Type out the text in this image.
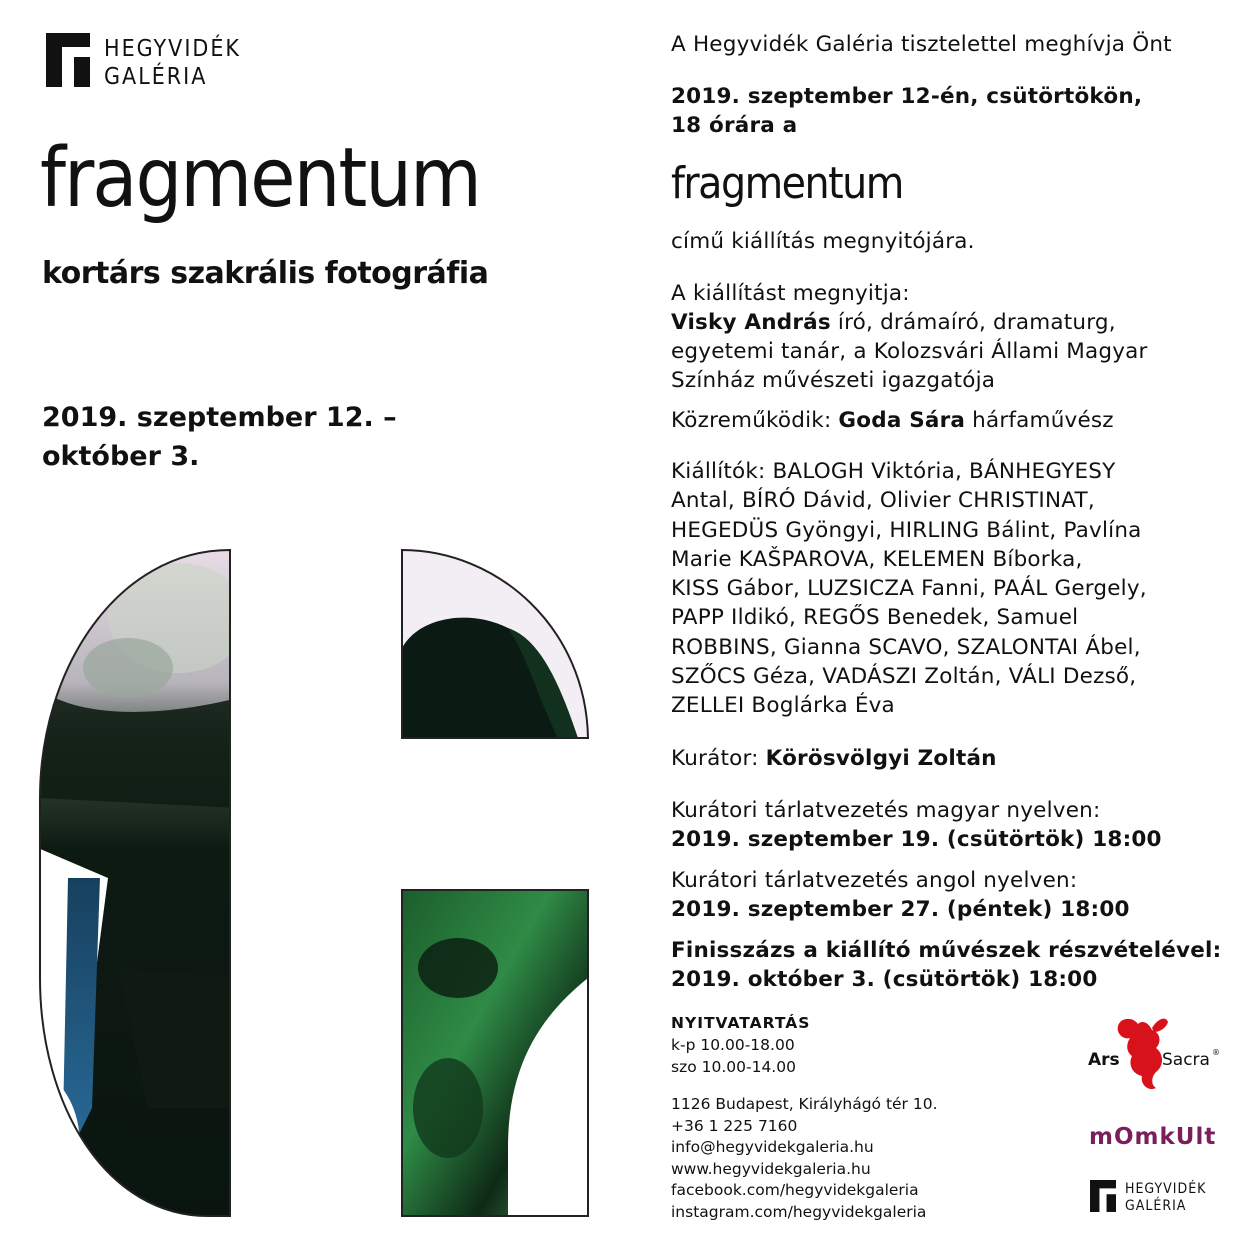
HEGYVIDÉK
GALÉRIA
fragmentum
kortárs szakrális fotográfia
2019. szeptember 12. –
október 3.
A Hegyvidék Galéria tisztelettel meghívja Önt
2019. szeptember 12-én, csütörtökön,
18 órára a
fragmentum
című kiállítás megnyitójára.
A kiállítást megnyitja:
Visky András író, drámaíró, dramaturg,
egyetemi tanár, a Kolozsvári Állami Magyar
Színház művészeti igazgatója
Közreműködik: Goda Sára hárfaművész
Kiállítók: BALOGH Viktória, BÁNHEGYESY
Antal, BÍRÓ Dávid, Olivier CHRISTINAT,
HEGEDÜS Gyöngyi, HIRLING Bálint, Pavlína
Marie KAŠPAROVA, KELEMEN Bíborka,
KISS Gábor, LUZSICZA Fanni, PAÁL Gergely,
PAPP Ildikó, REGŐS Benedek, Samuel
ROBBINS, Gianna SCAVO, SZALONTAI Ábel,
SZŐCS Géza, VADÁSZI Zoltán, VÁLI Dezső,
ZELLEI Boglárka Éva
Kurátor: Körösvölgyi Zoltán
Kurátori tárlatvezetés magyar nyelven:
2019. szeptember 19. (csütörtök) 18:00
Kurátori tárlatvezetés angol nyelven:
2019. szeptember 27. (péntek) 18:00
Finisszázs a kiállító művészek részvételével:
2019. október 3. (csütörtök) 18:00
NYITVATARTÁS
k-p 10.00-18.00
szo 10.00-14.00
1126 Budapest, Királyhágó tér 10.
+36 1 225 7160
info@hegyvidekgaleria.hu
www.hegyvidekgaleria.hu
facebook.com/hegyvidekgaleria
instagram.com/hegyvidekgaleria
Ars Sacra ®
mOmkUlt
HEGYVIDÉK
GALÉRIA
